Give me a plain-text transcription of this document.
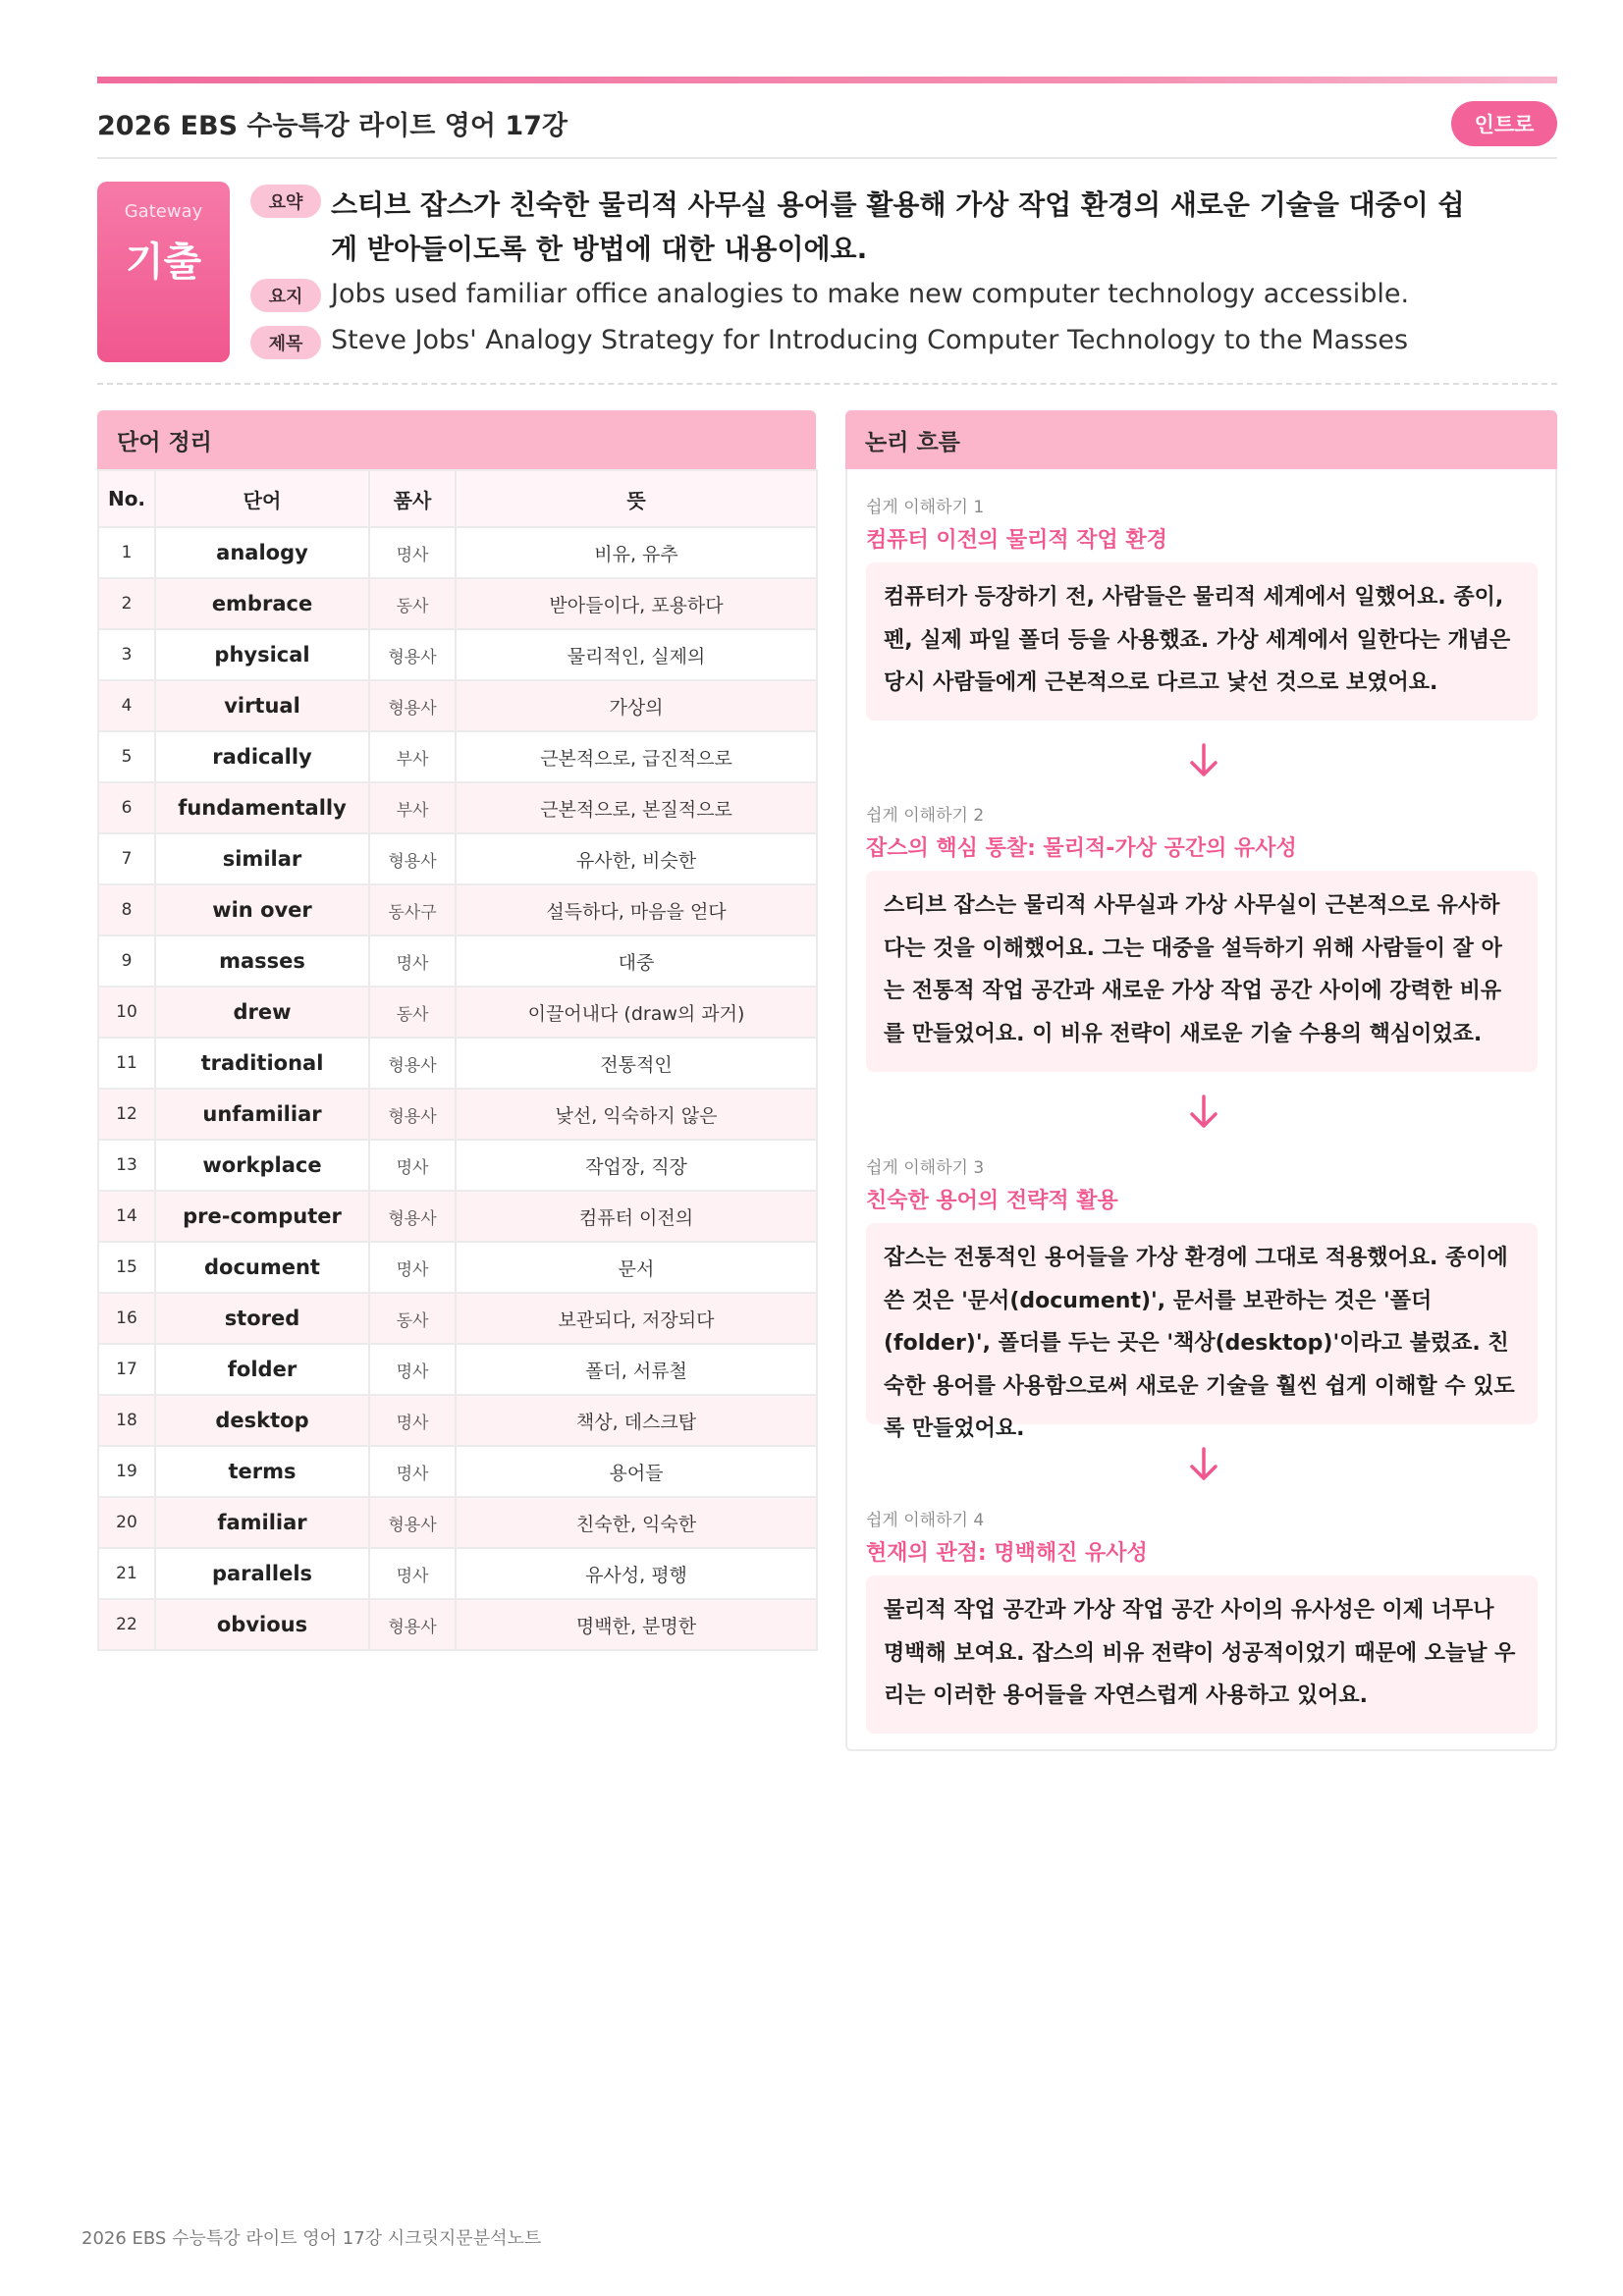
2026 EBS 수능특강 라이트 영어 17강	인트로
Gateway
기출
요약	스티브 잡스가 친숙한 물리적 사무실 용어를 활용해 가상 작업 환경의 새로운 기술을 대중이 쉽게 받아들이도록 한 방법에 대한 내용이에요.
요지	Jobs used familiar office analogies to make new computer technology accessible.
제목	Steve Jobs' Analogy Strategy for Introducing Computer Technology to the Masses
단어 정리
No.	단어	품사	뜻
1	analogy	명사	비유, 유추
2	embrace	동사	받아들이다, 포용하다
3	physical	형용사	물리적인, 실제의
4	virtual	형용사	가상의
5	radically	부사	근본적으로, 급진적으로
6	fundamentally	부사	근본적으로, 본질적으로
7	similar	형용사	유사한, 비슷한
8	win over	동사구	설득하다, 마음을 얻다
9	masses	명사	대중
10	drew	동사	이끌어내다 (draw의 과거)
11	traditional	형용사	전통적인
12	unfamiliar	형용사	낯선, 익숙하지 않은
13	workplace	명사	작업장, 직장
14	pre-computer	형용사	컴퓨터 이전의
15	document	명사	문서
16	stored	동사	보관되다, 저장되다
17	folder	명사	폴더, 서류철
18	desktop	명사	책상, 데스크탑
19	terms	명사	용어들
20	familiar	형용사	친숙한, 익숙한
21	parallels	명사	유사성, 평행
22	obvious	형용사	명백한, 분명한
논리 흐름
쉽게 이해하기 1
컴퓨터 이전의 물리적 작업 환경
컴퓨터가 등장하기 전, 사람들은 물리적 세계에서 일했어요. 종이, 펜, 실제 파일 폴더 등을 사용했죠. 가상 세계에서 일한다는 개념은 당시 사람들에게 근본적으로 다르고 낯선 것으로 보였어요.
쉽게 이해하기 2
잡스의 핵심 통찰: 물리적-가상 공간의 유사성
스티브 잡스는 물리적 사무실과 가상 사무실이 근본적으로 유사하다는 것을 이해했어요. 그는 대중을 설득하기 위해 사람들이 잘 아는 전통적 작업 공간과 새로운 가상 작업 공간 사이에 강력한 비유를 만들었어요. 이 비유 전략이 새로운 기술 수용의 핵심이었죠.
쉽게 이해하기 3
친숙한 용어의 전략적 활용
잡스는 전통적인 용어들을 가상 환경에 그대로 적용했어요. 종이에 쓴 것은 '문서(document)', 문서를 보관하는 것은 '폴더(folder)', 폴더를 두는 곳은 '책상(desktop)'이라고 불렀죠. 친숙한 용어를 사용함으로써 새로운 기술을 훨씬 쉽게 이해할 수 있도록 만들었어요.
쉽게 이해하기 4
현재의 관점: 명백해진 유사성
물리적 작업 공간과 가상 작업 공간 사이의 유사성은 이제 너무나 명백해 보여요. 잡스의 비유 전략이 성공적이었기 때문에 오늘날 우리는 이러한 용어들을 자연스럽게 사용하고 있어요.
2026 EBS 수능특강 라이트 영어 17강 시크릿지문분석노트
